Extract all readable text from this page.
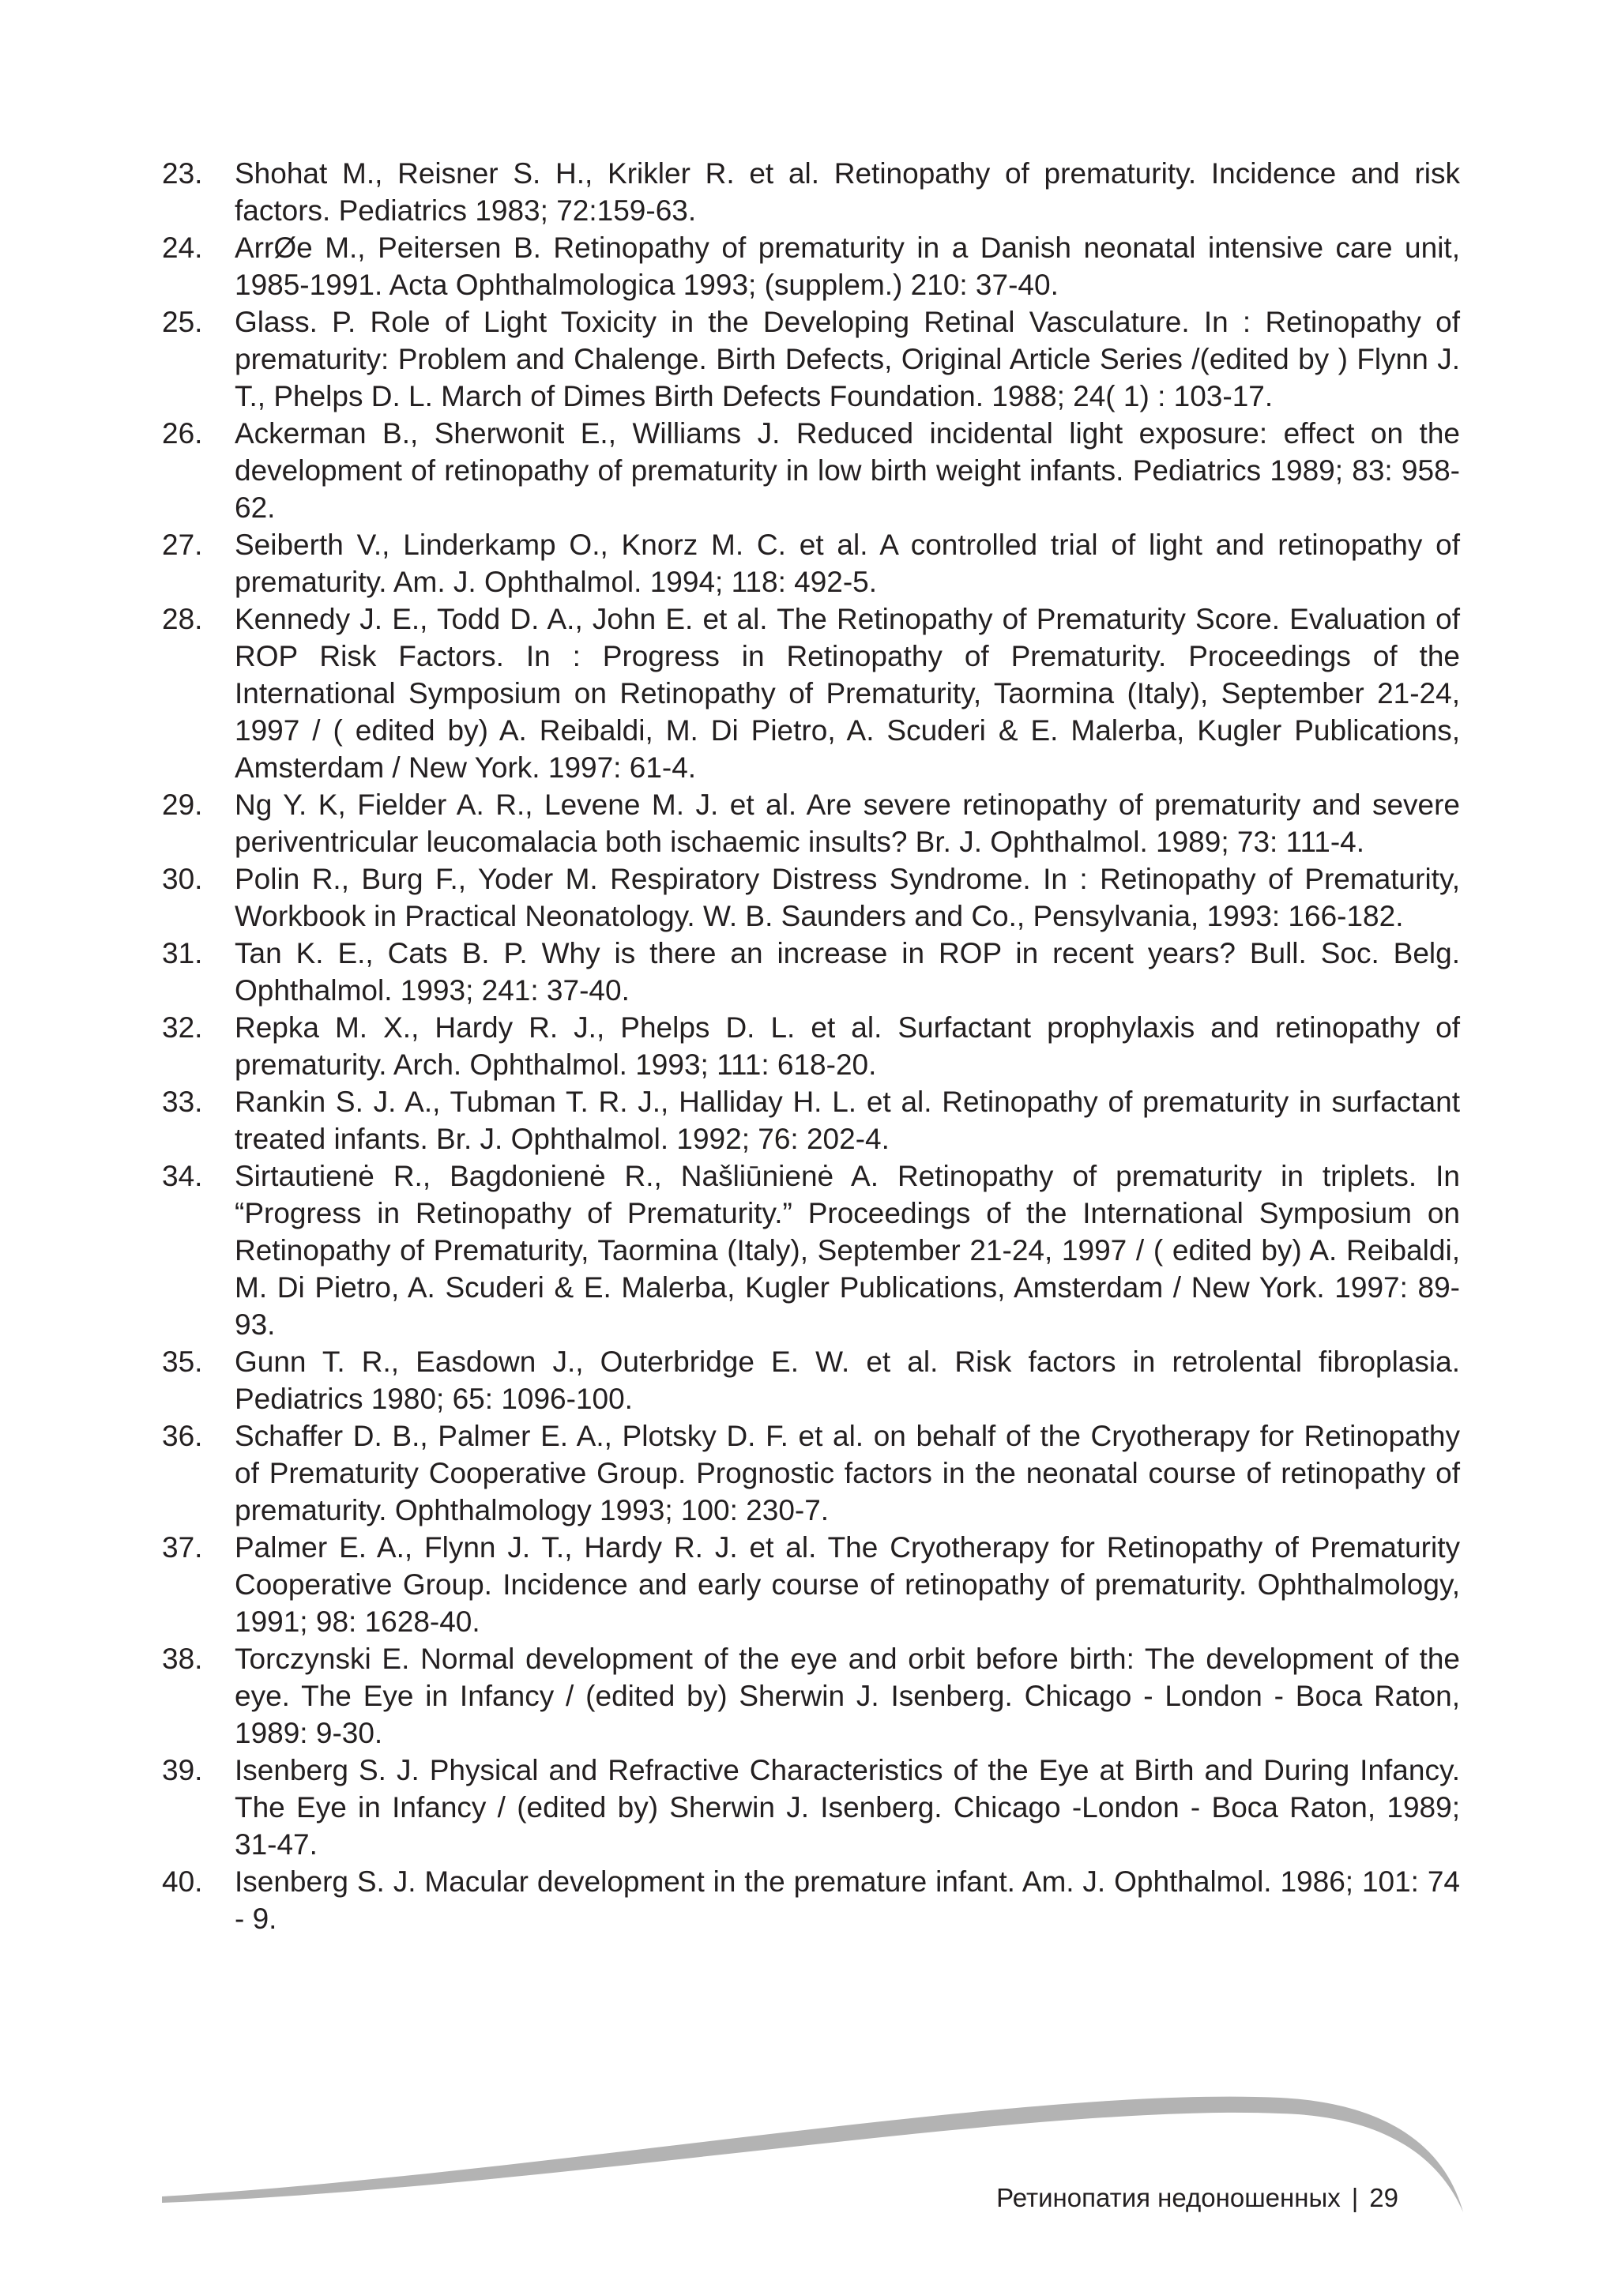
23.	Shohat M., Reisner S. H., Krikler R. et al. Retinopathy of prematurity. Incidence and risk factors. Pediatrics 1983; 72:159-63.
24.	ArrØe M., Peitersen B. Retinopathy of prematurity in a Danish neonatal intensive care unit, 1985-1991. Acta Ophthalmologica 1993; (supplem.) 210: 37-40.
25.	Glass. P. Role of Light Toxicity in the Developing Retinal Vasculature. In : Retinopathy of prematurity: Problem and Chalenge. Birth Defects, Original Article Series /(edited by ) Flynn J. T., Phelps D. L. March of Dimes Birth Defects Foundation. 1988; 24( 1) : 103-17.
26.	Ackerman B., Sherwonit E., Williams J. Reduced incidental light exposure: effect on the development of retinopathy of prematurity in low birth weight infants. Pediatrics 1989; 83: 958-62.
27.	Seiberth V., Linderkamp O., Knorz M. C. et al. A controlled trial of light and retinopathy of prematurity. Am. J. Ophthalmol. 1994; 118: 492-5.
28.	Kennedy J. E., Todd D. A., John E. et al. The Retinopathy of Prematurity Score. Evaluation of ROP Risk Factors. In : Progress in Retinopathy of Prematurity. Proceedings of the International Symposium on Retinopathy of Prematurity, Taormina (Italy), September 21-24, 1997 / ( edited by) A. Reibaldi, M. Di Pietro, A. Scuderi & E. Malerba, Kugler Publications, Amsterdam / New York. 1997: 61-4.
29.	Ng Y. K, Fielder A. R., Levene M. J. et al. Are severe retinopathy of prematurity and severe periventricular leucomalacia both ischaemic insults? Br. J. Ophthalmol. 1989; 73: 111-4.
30.	Polin R., Burg F., Yoder M. Respiratory Distress Syndrome. In : Retinopathy of Prematurity, Workbook in Practical Neonatology. W. B. Saunders and Co., Pensylvania, 1993: 166-182.
31.	Tan K. E., Cats B. P. Why is there an increase in ROP in recent years? Bull. Soc. Belg. Ophthalmol. 1993; 241: 37-40.
32.	Repka M. X., Hardy R. J., Phelps D. L. et al. Surfactant prophylaxis and retinopathy of prematurity. Arch. Ophthalmol. 1993; 111: 618-20.
33.	Rankin S. J. A., Tubman T. R. J., Halliday H. L. et al. Retinopathy of prematurity in surfactant treated infants. Br. J. Ophthalmol. 1992; 76: 202-4.
34.	Sirtautienė R., Bagdonienė R., Našliūnienė A. Retinopathy of prematurity in triplets. In “Progress in Retinopathy of Prematurity.” Proceedings of the International Symposium on Retinopathy of Prematurity, Taormina (Italy), September 21-24, 1997 / ( edited by) A. Reibaldi, M. Di Pietro, A. Scuderi & E. Malerba, Kugler Publications, Amsterdam / New York. 1997: 89-93.
35.	Gunn T. R., Easdown J., Outerbridge E. W. et al. Risk factors in retrolental fibroplasia. Pediatrics 1980; 65: 1096-100.
36.	Schaffer D. B., Palmer E. A., Plotsky D. F. et al. on behalf of the Cryotherapy for Retinopathy of Prematurity Cooperative Group. Prognostic factors in the neonatal course of retinopathy of prematurity. Ophthalmology 1993; 100: 230-7.
37.	Palmer E. A., Flynn J. T., Hardy R. J. et al. The Cryotherapy for Retinopathy of Prematurity Cooperative Group. Incidence and early course of retinopathy of prematurity. Ophthalmology, 1991; 98: 1628-40.
38.	Torczynski E. Normal development of the eye and orbit before birth: The development of the eye. The Eye in Infancy / (edited by) Sherwin J. Isenberg. Chicago - London - Boca Raton, 1989: 9-30.
39.	Isenberg S. J. Physical and Refractive Characteristics of the Eye at Birth and During Infancy. The Eye in Infancy / (edited by) Sherwin J. Isenberg. Chicago -London - Boca Raton, 1989; 31-47.
40.	Isenberg S. J. Macular development in the premature infant. Am. J. Ophthalmol. 1986; 101: 74 - 9.
Ретинопатия недоношенных | 29
